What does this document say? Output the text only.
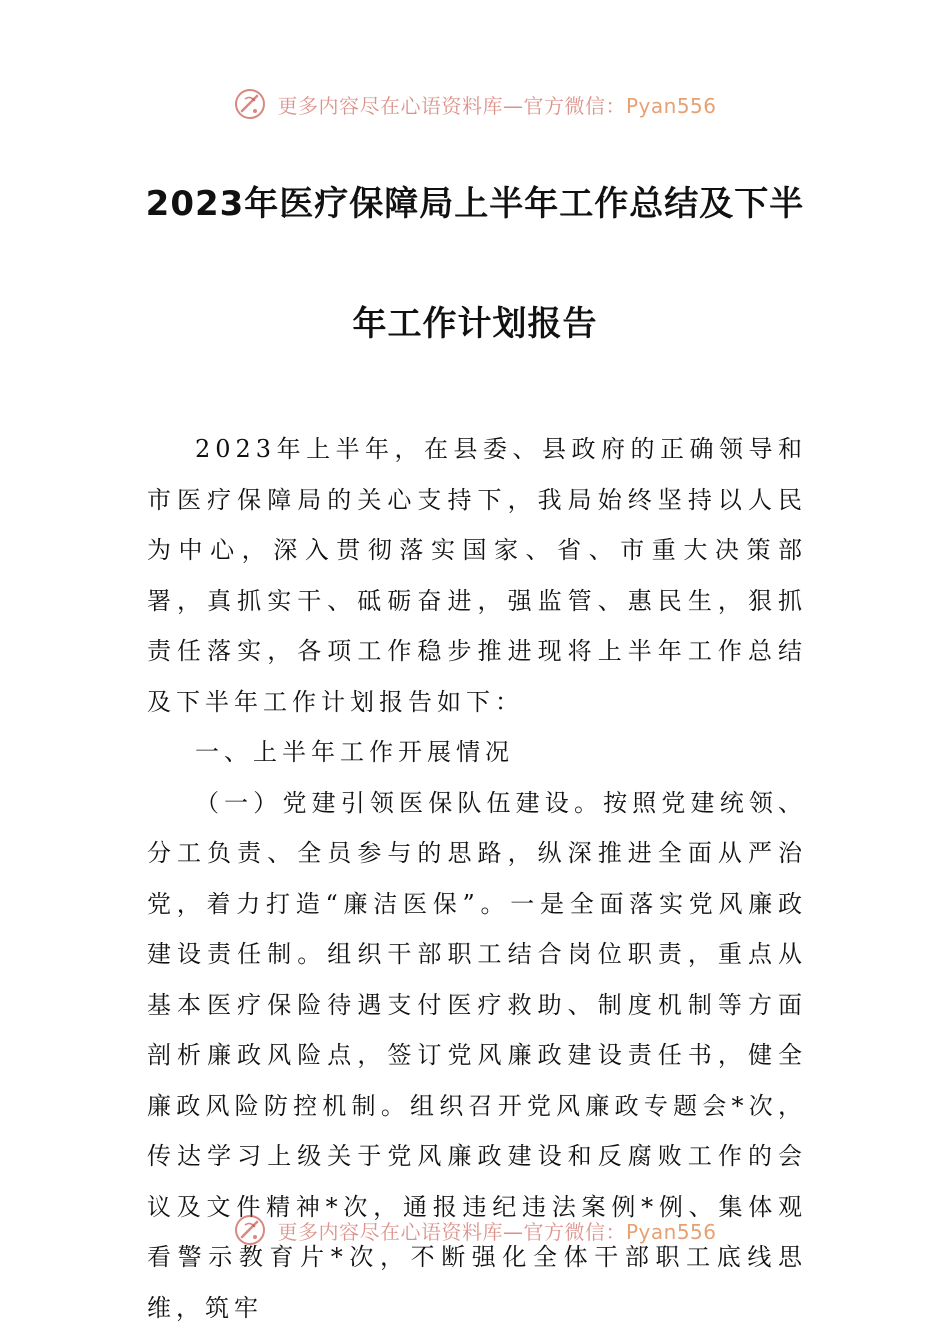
更多内容尽在心语资料库—官方微信：Pyan556
2023年医疗保障局上半年工作总结及下半
年工作计划报告

2023年上半年，在县委、县政府的正确领导和市医疗保障局的关心支持下，我局始终坚持以人民为中心，深入贯彻落实国家、省、市重大决策部署，真抓实干、砥砺奋进，强监管、惠民生，狠抓责任落实，各项工作稳步推进现将上半年工作总结及下半年工作计划报告如下：

一、上半年工作开展情况

（一）党建引领医保队伍建设。按照党建统领、分工负责、全员参与的思路，纵深推进全面从严治党，着力打造“廉洁医保”。一是全面落实党风廉政建设责任制。组织干部职工结合岗位职责，重点从基本医疗保险待遇支付医疗救助、制度机制等方面剖析廉政风险点，签订党风廉政建设责任书，健全廉政风险防控机制。组织召开党风廉政专题会*次，传达学习上级关于党风廉政建设和反腐败工作的会议及文件精神*次，通报违纪违法案例*例、集体观看警示教育片*次，不断强化全体干部职工底线思维，筑牢

更多内容尽在心语资料库—官方微信：Pyan556
